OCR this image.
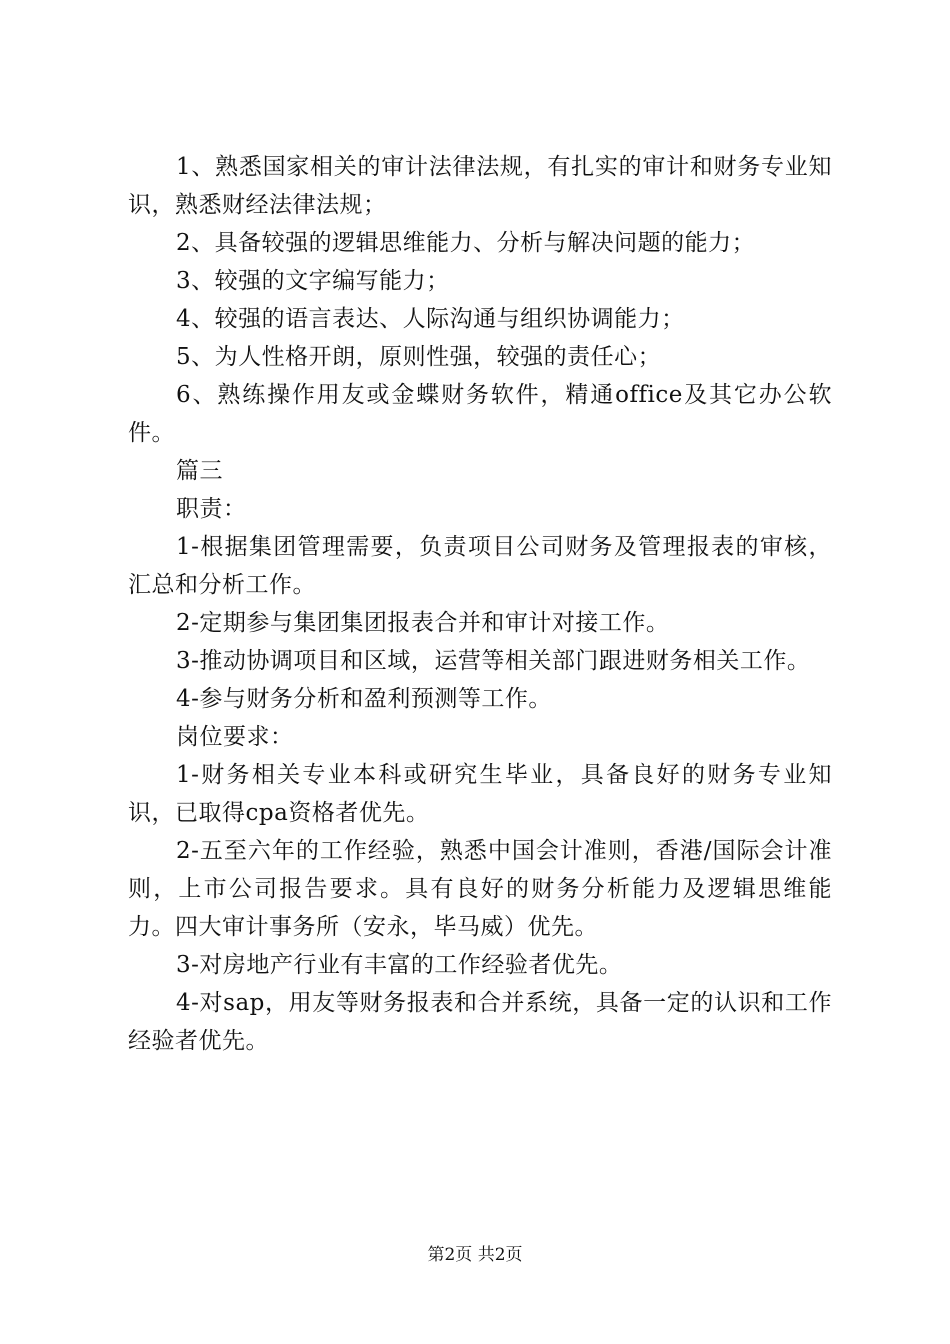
1、熟悉国家相关的审计法律法规，有扎实的审计和财务专业知识，熟悉财经法律法规；

2、具备较强的逻辑思维能力、分析与解决问题的能力；

3、较强的文字编写能力；

4、较强的语言表达、人际沟通与组织协调能力；

5、为人性格开朗，原则性强，较强的责任心；

6、熟练操作用友或金蝶财务软件，精通office及其它办公软件。

篇三

职责：

1-根据集团管理需要，负责项目公司财务及管理报表的审核，汇总和分析工作。

2-定期参与集团集团报表合并和审计对接工作。

3-推动协调项目和区域，运营等相关部门跟进财务相关工作。

4-参与财务分析和盈利预测等工作。

岗位要求：

1-财务相关专业本科或研究生毕业，具备良好的财务专业知识，已取得cpa资格者优先。

2-五至六年的工作经验，熟悉中国会计准则，香港/国际会计准则，上市公司报告要求。具有良好的财务分析能力及逻辑思维能力。四大审计事务所（安永，毕马威）优先。

3-对房地产行业有丰富的工作经验者优先。

4-对sap，用友等财务报表和合并系统，具备一定的认识和工作经验者优先。

第2页 共2页
